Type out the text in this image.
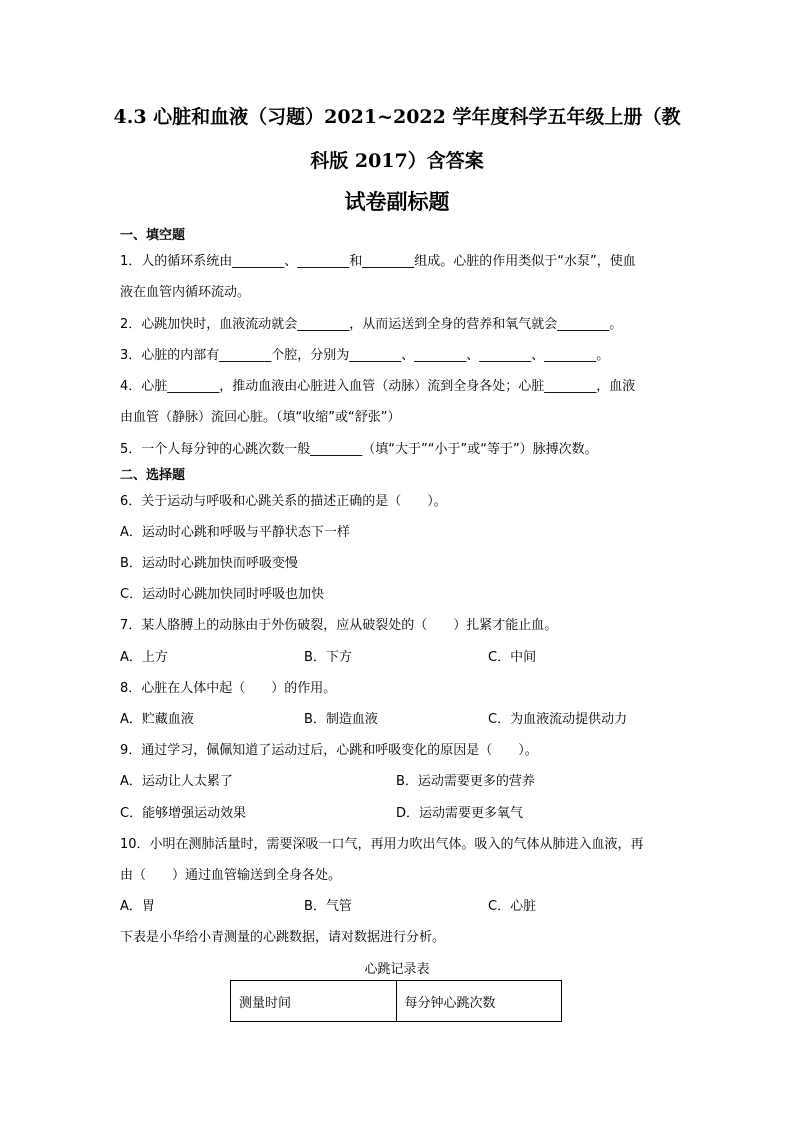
4.3 心脏和血液（习题）2021~2022 学年度科学五年级上册（教
科版 2017）含答案
试卷副标题
一、填空题
1．人的循环系统由________、________和________组成。心脏的作用类似于“水泵”，使血
液在血管内循环流动。
2．心跳加快时，血液流动就会________，从而运送到全身的营养和氧气就会________。
3．心脏的内部有________个腔，分别为________、________、________、________。
4．心脏________，推动血液由心脏进入血管（动脉）流到全身各处；心脏________，血液
由血管（静脉）流回心脏。（填“收缩”或“舒张”）
5．一个人每分钟的心跳次数一般________（填“大于”“小于”或“等于”）脉搏次数。
二、选择题
6．关于运动与呼吸和心跳关系的描述正确的是（　　）。
A．运动时心跳和呼吸与平静状态下一样
B．运动时心跳加快而呼吸变慢
C．运动时心跳加快同时呼吸也加快
7．某人胳膊上的动脉由于外伤破裂，应从破裂处的（　　）扎紧才能止血。
A．上方	B．下方	C．中间
8．心脏在人体中起（　　）的作用。
A．贮藏血液	B．制造血液	C．为血液流动提供动力
9．通过学习，佩佩知道了运动过后，心跳和呼吸变化的原因是（　　）。
A．运动让人太累了	B．运动需要更多的营养
C．能够增强运动效果	D．运动需要更多氧气
10．小明在测肺活量时，需要深吸一口气，再用力吹出气体。吸入的气体从肺进入血液，再
由（　　）通过血管输送到全身各处。
A．胃	B．气管	C．心脏
下表是小华给小青测量的心跳数据，请对数据进行分析。
心跳记录表
测量时间	每分钟心跳次数
